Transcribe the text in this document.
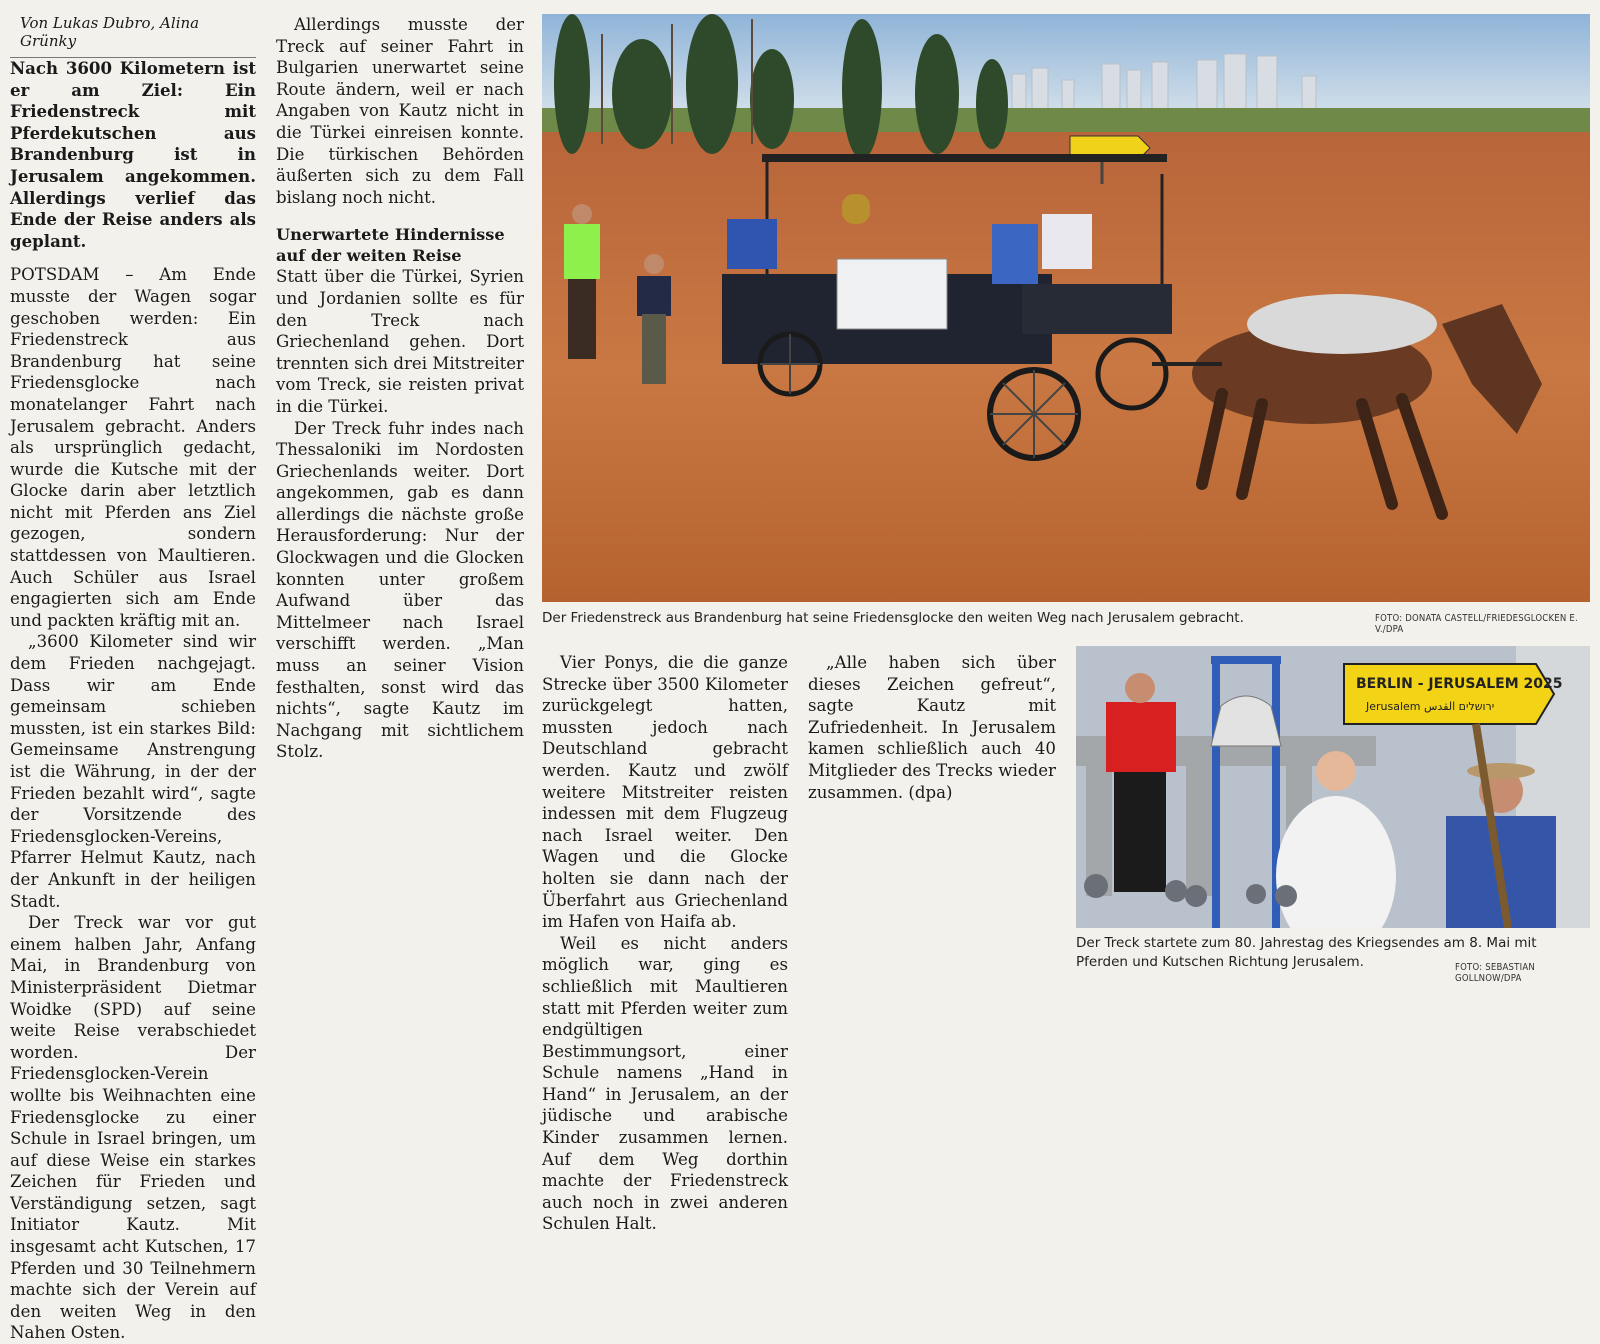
Von Lukas Dubro, Alina Grünky

Nach 3600 Kilometern ist er am Ziel: Ein Friedenstreck mit Pferdekutschen aus Brandenburg ist in Jerusalem angekommen. Allerdings verlief das Ende der Reise anders als geplant.

POTSDAM – Am Ende musste der Wagen sogar geschoben werden: Ein Friedenstreck aus Brandenburg hat seine Friedensglocke nach monatelanger Fahrt nach Jerusalem gebracht. Anders als ursprünglich gedacht, wurde die Kutsche mit der Glocke darin aber letztlich nicht mit Pferden ans Ziel gezogen, sondern stattdessen von Maultieren. Auch Schüler aus Israel engagierten sich am Ende und packten kräftig mit an.

„3600 Kilometer sind wir dem Frieden nachgejagt. Dass wir am Ende gemeinsam schieben mussten, ist ein starkes Bild: Gemeinsame Anstrengung ist die Währung, in der der Frieden bezahlt wird“, sagte der Vorsitzende des Friedensglocken-Vereins, Pfarrer Helmut Kautz, nach der Ankunft in der heiligen Stadt.

Der Treck war vor gut einem halben Jahr, Anfang Mai, in Brandenburg von Ministerpräsident Dietmar Woidke (SPD) auf seine weite Reise verabschiedet worden. Der Friedensglocken-Verein wollte bis Weihnachten eine Friedensglocke zu einer Schule in Israel bringen, um auf diese Weise ein starkes Zeichen für Frieden und Verständigung setzen, sagt Initiator Kautz. Mit insgesamt acht Kutschen, 17 Pferden und 30 Teilnehmern machte sich der Verein auf den weiten Weg in den Nahen Osten.

Allerdings musste der Treck auf seiner Fahrt in Bulgarien unerwartet seine Route ändern, weil er nach Angaben von Kautz nicht in die Türkei einreisen konnte. Die türkischen Behörden äußerten sich zu dem Fall bislang noch nicht.

Unerwartete Hindernisse auf der weiten Reise

Statt über die Türkei, Syrien und Jordanien sollte es für den Treck nach Griechenland gehen. Dort trennten sich drei Mitstreiter vom Treck, sie reisten privat in die Türkei.

Der Treck fuhr indes nach Thessaloniki im Nordosten Griechenlands weiter. Dort angekommen, gab es dann allerdings die nächste große Herausforderung: Nur der Glockwagen und die Glocken konnten unter großem Aufwand über das Mittelmeer nach Israel verschifft werden. „Man muss an seiner Vision festhalten, sonst wird das nichts“, sagte Kautz im Nachgang mit sichtlichem Stolz.

Vier Ponys, die die ganze Strecke über 3500 Kilometer zurückgelegt hatten, mussten jedoch nach Deutschland gebracht werden. Kautz und zwölf weitere Mitstreiter reisten indessen mit dem Flugzeug nach Israel weiter. Den Wagen und die Glocke holten sie dann nach der Überfahrt aus Griechenland im Hafen von Haifa ab.

Weil es nicht anders möglich war, ging es schließlich mit Maultieren statt mit Pferden weiter zum endgültigen Bestimmungsort, einer Schule namens „Hand in Hand“ in Jerusalem, an der jüdische und arabische Kinder zusammen lernen. Auf dem Weg dorthin machte der Friedenstreck auch noch in zwei anderen Schulen Halt.

„Alle haben sich über dieses Zeichen gefreut“, sagte Kautz mit Zufriedenheit. In Jerusalem kamen schließlich auch 40 Mitglieder des Trecks wieder zusammen. (dpa)

Der Friedenstreck aus Brandenburg hat seine Friedensglocke den weiten Weg nach Jerusalem gebracht.	FOTO: DONATA CASTELL/FRIEDESGLOCKEN E. V./DPA
BERLIN - JERUSALEM 2025
Jerusalem ירושלים القدس
Der Treck startete zum 80. Jahrestag des Kriegsendes am 8. Mai mit Pferden und Kutschen Richtung Jerusalem.	FOTO: SEBASTIAN GOLLNOW/DPA
